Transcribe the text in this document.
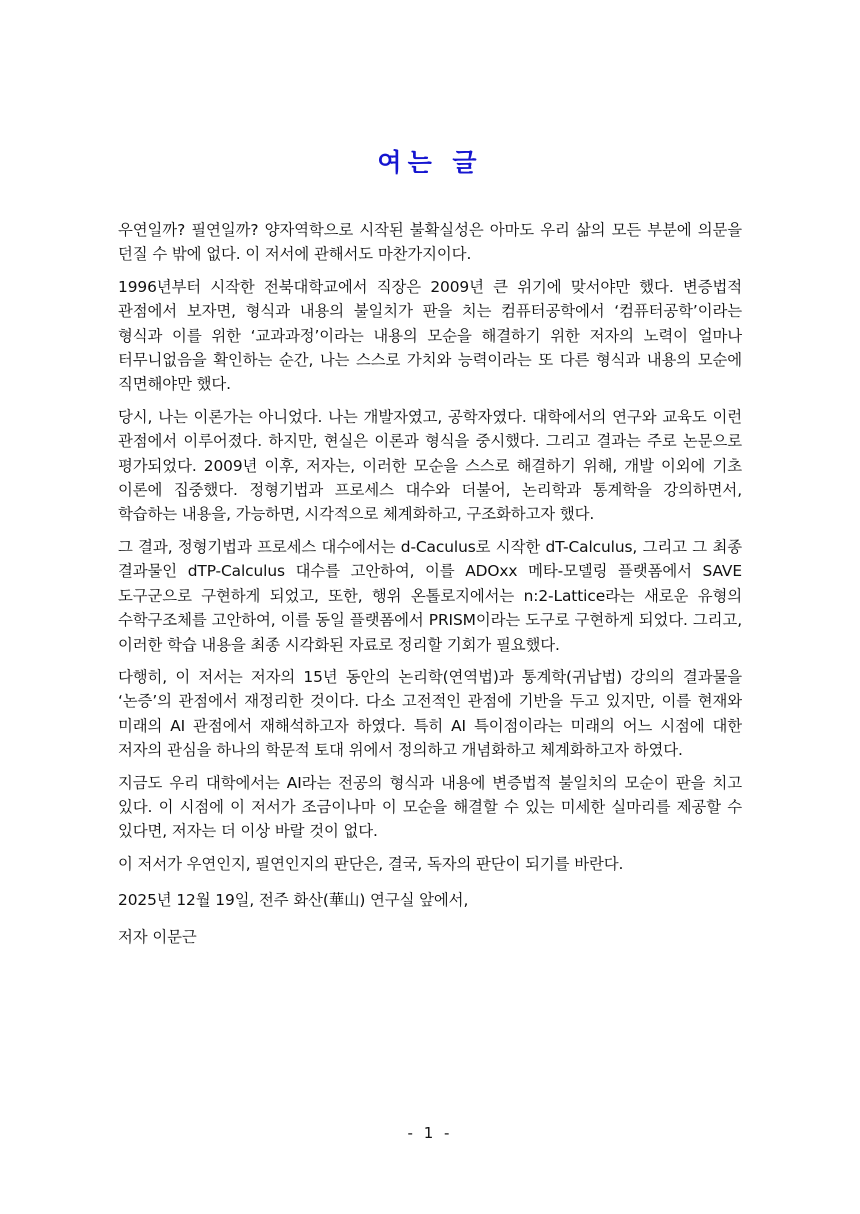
여는 글

우연일까? 필연일까? 양자역학으로 시작된 불확실성은 아마도 우리 삶의 모든 부분에 의문을 던질 수 밖에 없다. 이 저서에 관해서도 마찬가지이다.

1996년부터 시작한 전북대학교에서 직장은 2009년 큰 위기에 맞서야만 했다. 변증법적 관점에서 보자면, 형식과 내용의 불일치가 판을 치는 컴퓨터공학에서 ‘컴퓨터공학’이라는 형식과 이를 위한 ‘교과과정’이라는 내용의 모순을 해결하기 위한 저자의 노력이 얼마나 터무니없음을 확인하는 순간, 나는 스스로 가치와 능력이라는 또 다른 형식과 내용의 모순에 직면해야만 했다.

당시, 나는 이론가는 아니었다. 나는 개발자였고, 공학자였다. 대학에서의 연구와 교육도 이런 관점에서 이루어졌다. 하지만, 현실은 이론과 형식을 중시했다. 그리고 결과는 주로 논문으로 평가되었다. 2009년 이후, 저자는, 이러한 모순을 스스로 해결하기 위해, 개발 이외에 기초 이론에 집중했다. 정형기법과 프로세스 대수와 더불어, 논리학과 통계학을 강의하면서, 학습하는 내용을, 가능하면, 시각적으로 체계화하고, 구조화하고자 했다.

그 결과, 정형기법과 프로세스 대수에서는 d-Caculus로 시작한 dT-Calculus, 그리고 그 최종 결과물인 dTP-Calculus 대수를 고안하여, 이를 ADOxx 메타-모델링 플랫폼에서 SAVE 도구군으로 구현하게 되었고, 또한, 행위 온톨로지에서는 n:2-Lattice라는 새로운 유형의 수학구조체를 고안하여, 이를 동일 플랫폼에서 PRISM이라는 도구로 구현하게 되었다. 그리고, 이러한 학습 내용을 최종 시각화된 자료로 정리할 기회가 필요했다.

다행히, 이 저서는 저자의 15년 동안의 논리학(연역법)과 통계학(귀납법) 강의의 결과물을 ‘논증’의 관점에서 재정리한 것이다. 다소 고전적인 관점에 기반을 두고 있지만, 이를 현재와 미래의 AI 관점에서 재해석하고자 하였다. 특히 AI 특이점이라는 미래의 어느 시점에 대한 저자의 관심을 하나의 학문적 토대 위에서 정의하고 개념화하고 체계화하고자 하였다.

지금도 우리 대학에서는 AI라는 전공의 형식과 내용에 변증법적 불일치의 모순이 판을 치고 있다. 이 시점에 이 저서가 조금이나마 이 모순을 해결할 수 있는 미세한 실마리를 제공할 수 있다면, 저자는 더 이상 바랄 것이 없다.

이 저서가 우연인지, 필연인지의 판단은, 결국, 독자의 판단이 되기를 바란다.

2025년 12월 19일, 전주 화산(華山) 연구실 앞에서,

저자 이문근

- 1 -
